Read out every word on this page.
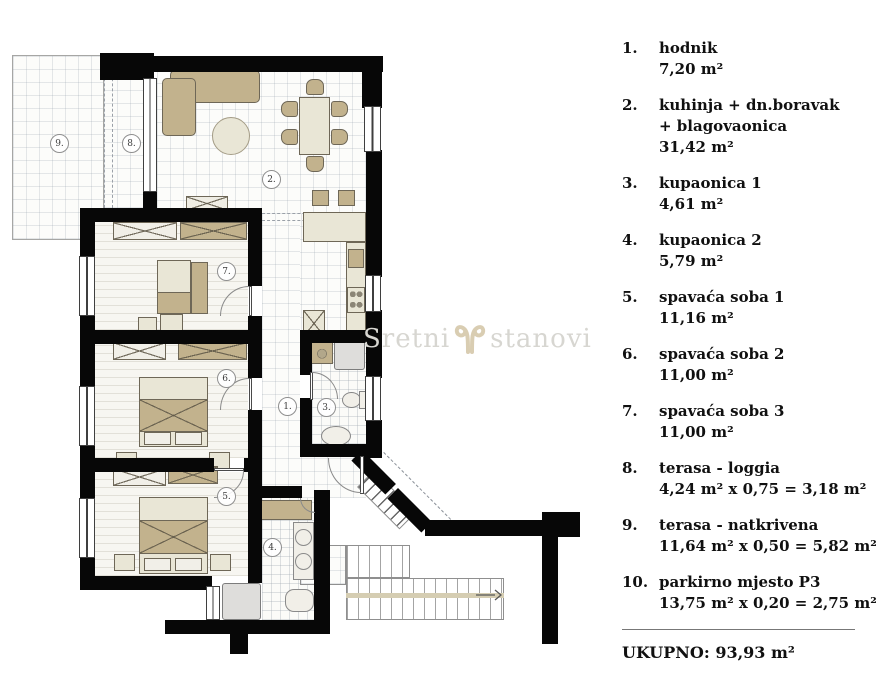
1.
2.
3.
4.
5.
6.
7.
8.
9.
Sretni stanovi
1.	hodnik
7,20 m²
2.	kuhinja + dn.boravak
+ blagovaonica
31,42 m²
3.	kupaonica 1
4,61 m²
4.	kupaonica 2
5,79 m²
5.	spavaća soba 1
11,16 m²
6.	spavaća soba 2
11,00 m²
7.	spavaća soba 3
11,00 m²
8.	terasa - loggia
4,24 m² x 0,75 = 3,18 m²
9.	terasa - natkrivena
11,64 m² x 0,50 = 5,82 m²
10. parkirno mjesto P3
13,75 m² x 0,20 = 2,75 m²
UKUPNO: 93,93 m²
